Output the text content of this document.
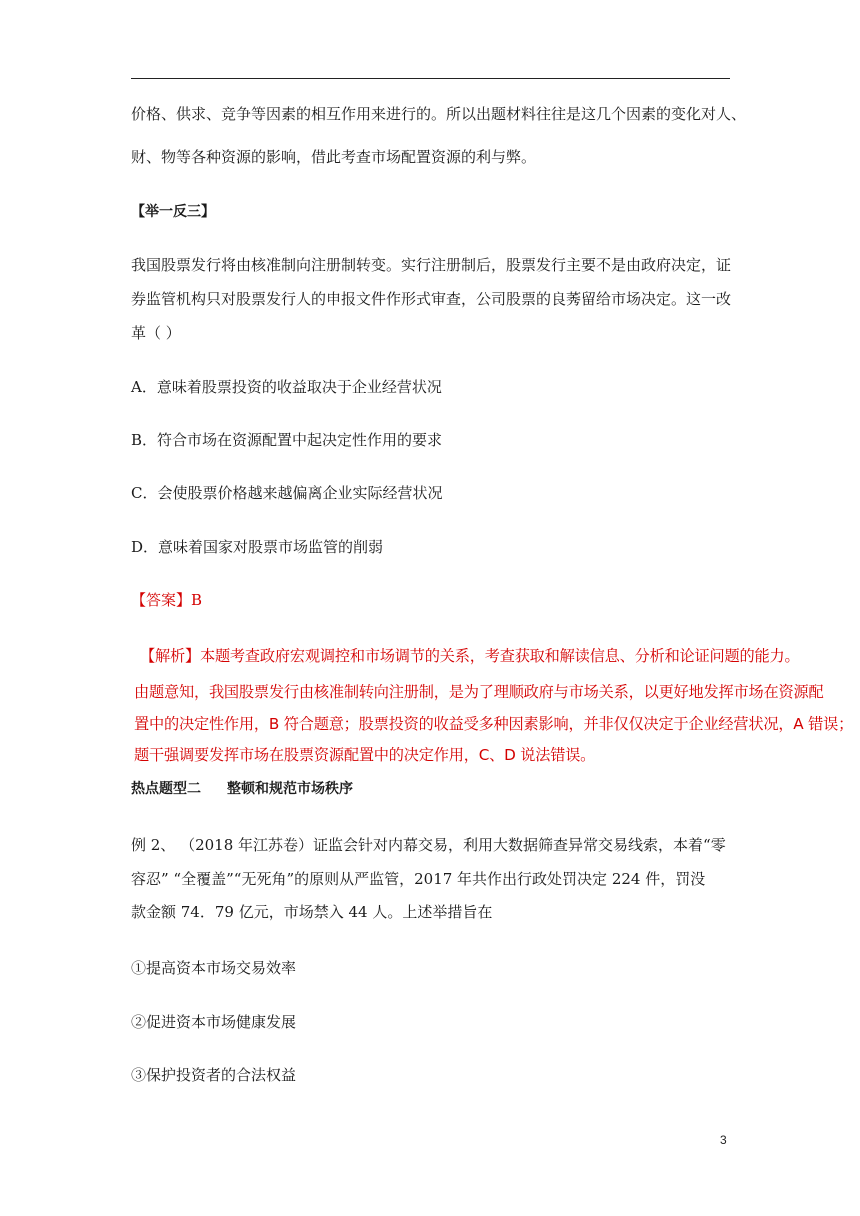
价格、供求、竞争等因素的相互作用来进行的。所以出题材料往往是这几个因素的变化对人、
财、物等各种资源的影响，借此考查市场配置资源的利与弊。
【举一反三】
我国股票发行将由核准制向注册制转变。实行注册制后，股票发行主要不是由政府决定，证
券监管机构只对股票发行人的申报文件作形式审查，公司股票的良莠留给市场决定。这一改
革（ ）
A．意味着股票投资的收益取决于企业经营状况
B．符合市场在资源配置中起决定性作用的要求
C．会使股票价格越来越偏离企业实际经营状况
D．意味着国家对股票市场监管的削弱
【答案】B
【解析】本题考查政府宏观调控和市场调节的关系，考查获取和解读信息、分析和论证问题的能力。
由题意知，我国股票发行由核准制转向注册制，是为了理顺政府与市场关系，以更好地发挥市场在资源配
置中的决定性作用，B 符合题意；股票投资的收益受多种因素影响，并非仅仅决定于企业经营状况，A 错误；
题干强调要发挥市场在股票资源配置中的决定作用，C、D 说法错误。
热点题型二 整顿和规范市场秩序
例 2、 （2018 年江苏卷）证监会针对内幕交易，利用大数据筛查异常交易线索，本着“零
容忍” “全覆盖”“无死角”的原则从严监管，2017 年共作出行政处罚决定 224 件，罚没
款金额 74．79 亿元，市场禁入 44 人。上述举措旨在
①提高资本市场交易效率
②促进资本市场健康发展
③保护投资者的合法权益
3
